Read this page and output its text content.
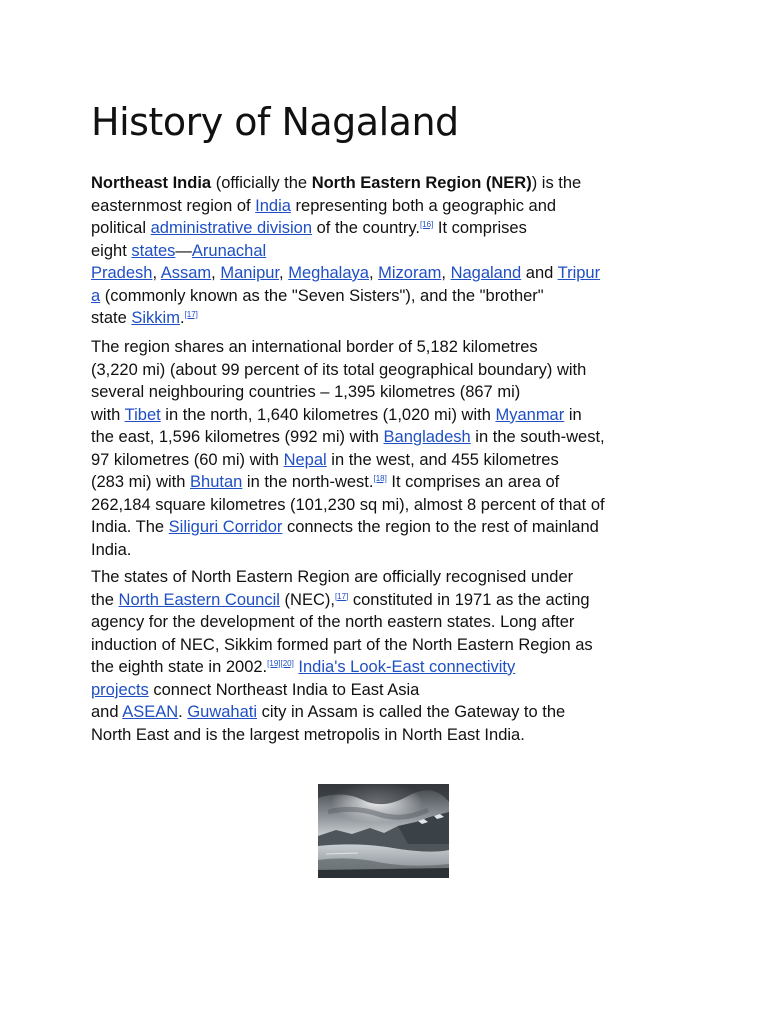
History of Nagaland

Northeast India (officially the North Eastern Region (NER)) is the
easternmost region of India representing both a geographic and
political administrative division of the country.[16] It comprises
eight states—Arunachal
Pradesh, Assam, Manipur, Meghalaya, Mizoram, Nagaland and Tripur
a (commonly known as the "Seven Sisters"), and the "brother"
state Sikkim.[17]

The region shares an international border of 5,182 kilometres
(3,220 mi) (about 99 percent of its total geographical boundary) with
several neighbouring countries – 1,395 kilometres (867 mi)
with Tibet in the north, 1,640 kilometres (1,020 mi) with Myanmar in
the east, 1,596 kilometres (992 mi) with Bangladesh in the south-west,
97 kilometres (60 mi) with Nepal in the west, and 455 kilometres
(283 mi) with Bhutan in the north-west.[18] It comprises an area of
262,184 square kilometres (101,230 sq mi), almost 8 percent of that of
India. The Siliguri Corridor connects the region to the rest of mainland
India.

The states of North Eastern Region are officially recognised under
the North Eastern Council (NEC),[17] constituted in 1971 as the acting
agency for the development of the north eastern states. Long after
induction of NEC, Sikkim formed part of the North Eastern Region as
the eighth state in 2002.[19][20] India's Look-East connectivity
projects connect Northeast India to East Asia
and ASEAN. Guwahati city in Assam is called the Gateway to the
North East and is the largest metropolis in North East India.
